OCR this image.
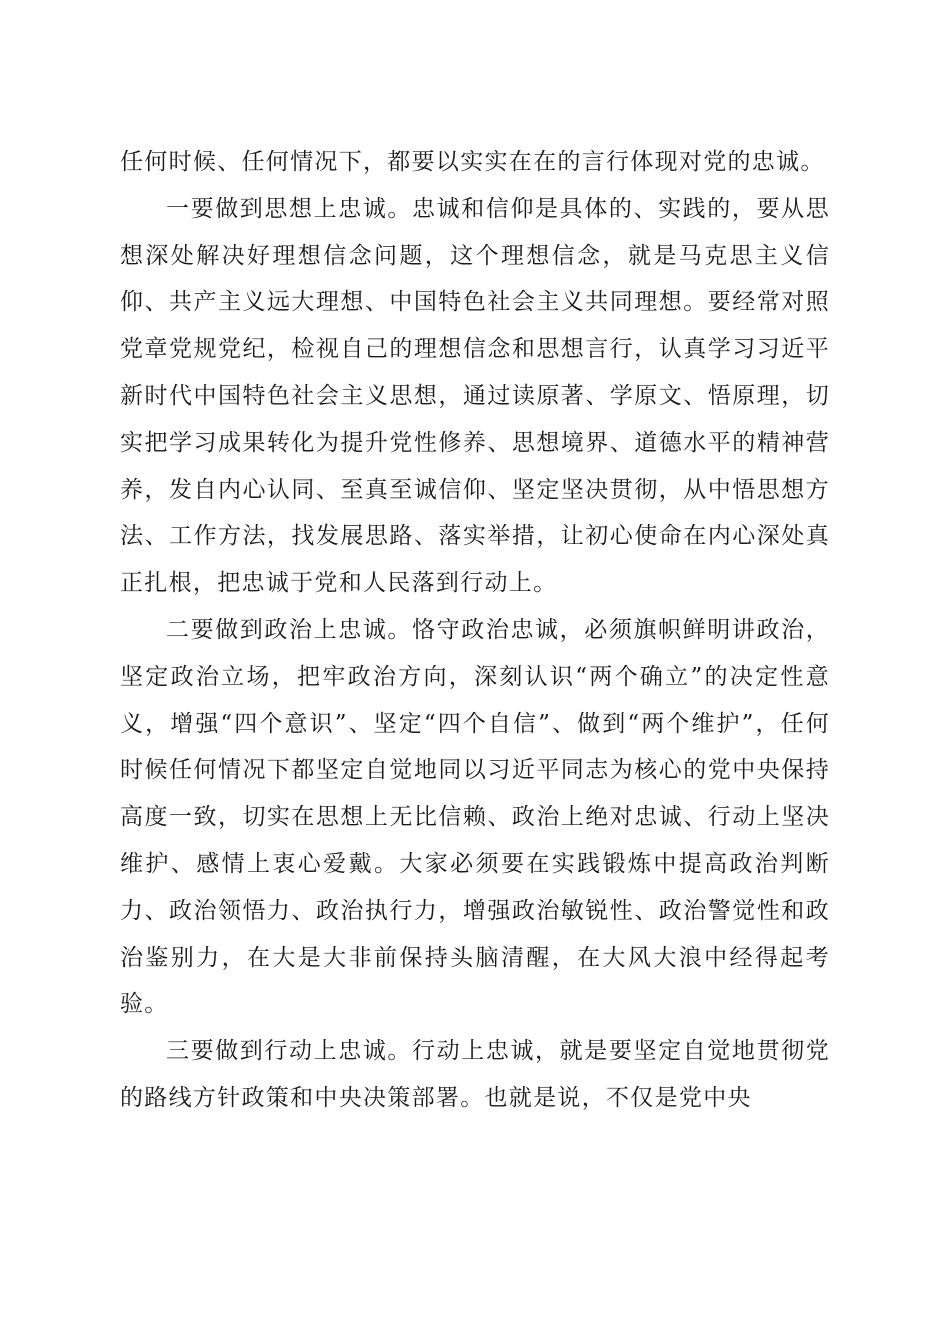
任何时候、任何情况下，都要以实实在在的言行体现对党的忠诚。

一要做到思想上忠诚。忠诚和信仰是具体的、实践的，要从思想深处解决好理想信念问题，这个理想信念，就是马克思主义信仰、共产主义远大理想、中国特色社会主义共同理想。要经常对照党章党规党纪，检视自己的理想信念和思想言行，认真学习习近平新时代中国特色社会主义思想，通过读原著、学原文、悟原理，切实把学习成果转化为提升党性修养、思想境界、道德水平的精神营养，发自内心认同、至真至诚信仰、坚定坚决贯彻，从中悟思想方法、工作方法，找发展思路、落实举措，让初心使命在内心深处真正扎根，把忠诚于党和人民落到行动上。

二要做到政治上忠诚。恪守政治忠诚，必须旗帜鲜明讲政治，坚定政治立场，把牢政治方向，深刻认识“两个确立”的决定性意义，增强“四个意识”、坚定“四个自信”、做到“两个维护”，任何时候任何情况下都坚定自觉地同以习近平同志为核心的党中央保持高度一致，切实在思想上无比信赖、政治上绝对忠诚、行动上坚决维护、感情上衷心爱戴。大家必须要在实践锻炼中提高政治判断力、政治领悟力、政治执行力，增强政治敏锐性、政治警觉性和政治鉴别力，在大是大非前保持头脑清醒，在大风大浪中经得起考验。

三要做到行动上忠诚。行动上忠诚，就是要坚定自觉地贯彻党的路线方针政策和中央决策部署。也就是说，不仅是党中央
